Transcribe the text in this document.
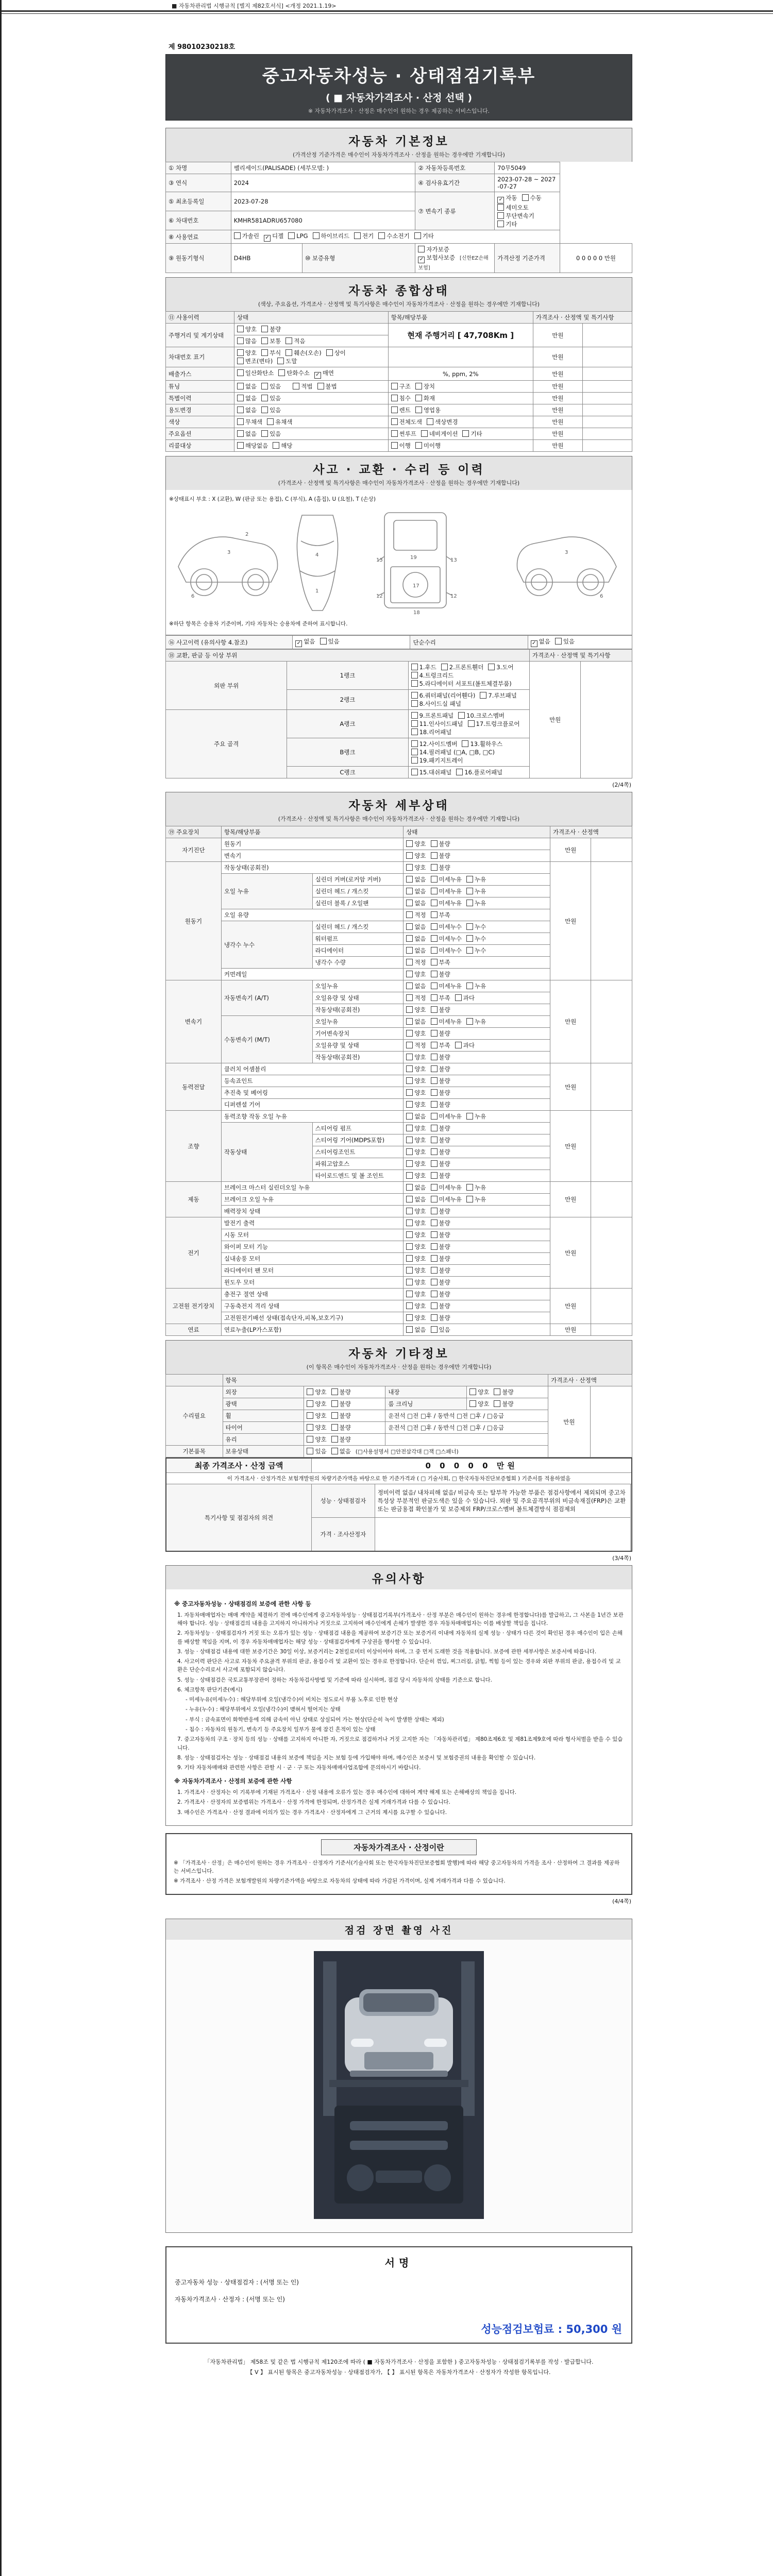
■ 자동차관리법 시행규칙 [별지 제82호서식] <개정 2021.1.19>
제 98010230218호
중고자동차성능 · 상태점검기록부
( ■ 자동차가격조사 · 산정 선택 )
※ 자동차가격조사 · 산정은 매수인이 원하는 경우 제공하는 서비스입니다.
자동차 기본정보
(가격산정 기준가격은 매수인이 자동차가격조사 · 산정을 원하는 경우에만 기재합니다)
① 차명	팰리세이드(PALISADE) (세부모델: )		② 자동차등록번호	70무5049	
③ 연식	2024		④ 검사유효기간	2023-07-28 ~ 2027-07-27	
⑤ 최초등록일	2023-07-28		⑦ 변속기 종류	✓ 자동 수동세미오토무단변속기기타	
⑥ 차대번호	KMHR581ADRU657080				
⑧ 사용연료	가솔린 ✓ 디젤 LPG 하이브리드 전기 수소전기 기타				
⑨ 원동기형식	D4HB	⑩ 보증유형	자가보증✓ 보험사보증 [신한EZ손해보험]	가격산정 기준가격	0 0 0 0 0 만원
자동차 종합상태
(색상, 주요옵션, 가격조사 · 산정액 및 특기사항은 매수인이 자동차가격조사 · 산정을 원하는 경우에만 기재합니다)
⑪ 사용이력	상태	항목/해당부품	가격조사 · 산정액 및 특기사항	
주행거리 및 계기상태	양호 불량	현재 주행거리 [ 47,708Km ]	만원	
	많음 보통 적음			
차대번호 표기	양호 부식 훼손(오손) 상이변조(변타) 도말		만원	
배출가스	일산화탄소 탄화수소 ✓ 매연	%, ppm, 2%	만원	
튜닝	없음 있음 적법 불법	구조 장치	만원	
특별이력	없음 있음	침수 화재	만원	
용도변경	없음 있음	렌트 영업용	만원	
색상	무채색 유채색	전체도색 색상변경	만원	
주요옵션	없음 있음	썬루프 네비게이션 기타	만원	
리콜대상	해당없음 해당	이행 미이행	만원	
사고 · 교환 · 수리 등 이력
(가격조사 · 산정액 및 특기사항은 매수인이 자동차가격조사 · 산정을 원하는 경우에만 기재합니다)
※상태표시 부호 : X (교환), W (판금 또는 용접), C (부식), A (흠집), U (요철), T (손상)
3
6
2
4
1
17
13	13
19
12	12
18
3
6
※하단 항목은 승용차 기준이며, 기타 자동차는 승용차에 준하여 표시합니다.
⑯ 사고이력 (유의사항 4.참조)	✓ 없음 있음	단순수리	✓ 없음 있음
⑱ 교환, 판금 등 이상 부위			가격조사 · 산정액 및 특기사항	
외판 부위	1랭크	1.후드 2.프론트휀더 3.도어4.트렁크리드5.라디에이터 서포트(볼트체결부품)	만원	
	2랭크	6.쿼터패널(리어휀다) 7.루브패널8.사이드실 패널		
주요 골격	A랭크	9.프론트패널 10.크로스멤버11.인사이드패널 17.트렁크플로어18.리어패널		
	B랭크	12.사이드멤버 13.휠하우스14.필러패널 (□A, □B, □C)19.패키지트레이		
	C랭크	15.대쉬패널 16.플로어패널		
(2/4쪽)
자동차 세부상태
(가격조사 · 산정액 및 특기사항은 매수인이 자동차가격조사 · 산정을 원하는 경우에만 기재합니다)
⑲ 주요장치	항목/해당부품		상태	가격조사 · 산정액	
자기진단	원동기		양호 불량	만원	
	변속기		양호 불량		
원동기	작동상태(공회전)		양호 불량	만원	
	오일 누유	실린더 커버(로커암 커버)	없음 미세누유 누유		
		실린더 헤드 / 개스킷	없음 미세누유 누유		
		실린더 블록 / 오일팬	없음 미세누유 누유		
	오일 유량		적정 부족		
	냉각수 누수	실린더 헤드 / 개스킷	없음 미세누수 누수		
		워터펌프	없음 미세누수 누수		
		라디에이터	없음 미세누수 누수		
		냉각수 수량	적정 부족		
	커먼레일		양호 불량		
변속기	자동변속기 (A/T)	오일누유	없음 미세누유 누유	만원	
		오일유량 및 상태	적정 부족 과다		
		작동상태(공회전)	양호 불량		
	수동변속기 (M/T)	오일누유	없음 미세누유 누유		
		기어변속장치	양호 불량		
		오일유량 및 상태	적정 부족 과다		
		작동상태(공회전)	양호 불량		
동력전달	클러치 어셈블리		양호 불량	만원	
	등속죠인트		양호 불량		
	추진축 및 베어링		양호 불량		
	디퍼렌셜 기어		양호 불량		
조향	동력조향 작동 오일 누유		없음 미세누유 누유	만원	
	작동상태	스티어링 펌프	양호 불량		
		스티어링 기어(MDPS포함)	양호 불량		
		스티어링조인트	양호 불량		
		파워고압호스	양호 불량		
		타이로드엔드 및 볼 조인트	양호 불량		
제동	브레이크 마스터 실린더오일 누유		없음 미세누유 누유	만원	
	브레이크 오일 누유		없음 미세누유 누유		
	배력장치 상태		양호 불량		
전기	발전기 출력		양호 불량	만원	
	시동 모터		양호 불량		
	와이퍼 모터 기능		양호 불량		
	실내송풍 모터		양호 불량		
	라디에이터 팬 모터		양호 불량		
	윈도우 모터		양호 불량		
고전원 전기장치	충전구 절연 상태		양호 불량	만원	
	구동축전지 격리 상태		양호 불량		
	고전원전기배선 상태(접속단자,피복,보호기구)		양호 불량		
연료	연료누출(LP가스포함)		없음 있음	만원	
자동차 기타정보
(이 항목은 매수인이 자동차가격조사 · 산정을 원하는 경우에만 기재합니다)
	항목				가격조사 · 산정액	
수리필요	외장	양호 불량	내장	양호 불량	만원	
	광택	양호 불량	룸 크리닝	양호 불량		
	휠	양호 불량	운전석 □전 □후 / 동반석 □전 □후 / □응급			
	타이어	양호 불량	운전석 □전 □후 / 동반석 □전 □후 / □응급			
	유리	양호 불량				
기본품목	보유상태	있음 없음 (□사용설명서 □안전삼각대 □잭 □스패너)				
최종 가격조사 · 산정 금액	0 0 0 0 0 만원
이 가격조사 · 산정가격은 보험개발원의 차량기준가액을 바탕으로 한 기준가격과 ( □ 기술사회, □ 한국자동차진단보증협회 ) 기준서를 적용하였음
특기사항 및 점검자의 의견	
성능 · 상태점검자	정비이력 없음/ 내차피해 없음/ 비금속 또는 탈부착 가능한 부품은 점검사항에서 제외되며 중고차 특성상 부분적인 판금도색은 있을 수 있습니다. 외판 및 주요골격부위의 비금속재질(FRP)은 교환또는 판금용접 확인불가 및 보증제외 FRP/크로스멤버 볼트체결방식 점검제외
가격 · 조사산정자	

(3/4쪽)
유의사항
※ 중고자동차성능 · 상태점검의 보증에 관한 사항 등
1. 자동차매매업자는 매매 계약을 체결하기 전에 매수인에게 중고자동차성능 · 상태점검기록부(가격조사 · 산정 부분은 매수인이 원하는 경우에 한정합니다)를 발급하고, 그 사본을 1년간 보관해야 합니다. 성능 · 상태점검의 내용을 고지하지 아니하거나 거짓으로 고지하여 매수인에게 손해가 발생한 경우 자동차매매업자는 이를 배상할 책임을 집니다.
2. 자동차성능 · 상태점검자가 거짓 또는 오류가 있는 성능 · 상태점검 내용을 제공하여 보증기간 또는 보증거리 이내에 자동차의 실제 성능 · 상태가 다른 것이 확인된 경우 매수인이 입은 손해를 배상할 책임을 지며, 이 경우 자동차매매업자는 해당 성능 · 상태점검자에게 구상권을 행사할 수 있습니다.
3. 성능 · 상태점검 내용에 대한 보증기간은 30일 이상, 보증거리는 2천킬로미터 이상이어야 하며, 그 중 먼저 도래한 것을 적용합니다. 보증에 관한 세부사항은 보증서에 따릅니다.
4. 사고이력 판단은 사고로 자동차 주요골격 부위의 판금, 용접수리 및 교환이 있는 경우로 한정합니다. 단순히 꺾임, 찌그러짐, 긁힘, 찍힘 등이 있는 경우와 외판 부위의 판금, 용접수리 및 교환은 단순수리로서 사고에 포함되지 않습니다.
5. 성능 · 상태점검은 국토교통부장관이 정하는 자동차검사방법 및 기준에 따라 실시하며, 점검 당시 자동차의 상태를 기준으로 합니다.
6. 체크항목 판단기준(예시)
- 미세누유(미세누수) : 해당부위에 오일(냉각수)이 비치는 정도로서 부품 노후로 인한 현상
- 누유(누수) : 해당부위에서 오일(냉각수)이 맺혀서 떨어지는 상태
- 부식 : 금속표면이 화학반응에 의해 금속이 아닌 상태로 상실되어 가는 현상(단순히 녹이 발생한 상태는 제외)
- 침수 : 자동차의 원동기, 변속기 등 주요장치 일부가 물에 잠긴 흔적이 있는 상태
7. 중고자동차의 구조 · 장치 등의 성능 · 상태를 고지하지 아니한 자, 거짓으로 점검하거나 거짓 고지한 자는 「자동차관리법」 제80조제6호 및 제81조제9호에 따라 형사처벌을 받을 수 있습니다.
8. 성능 · 상태점검자는 성능 · 상태점검 내용의 보증에 책임을 지는 보험 등에 가입해야 하며, 매수인은 보증서 및 보험증권의 내용을 확인할 수 있습니다.
9. 기타 자동차매매와 관련한 사항은 관할 시 · 군 · 구 또는 자동차매매사업조합에 문의하시기 바랍니다.
※ 자동차가격조사 · 산정의 보증에 관한 사항
1. 가격조사 · 산정자는 이 기록부에 기재된 가격조사 · 산정 내용에 오류가 있는 경우 매수인에 대하여 계약 해제 또는 손해배상의 책임을 집니다.
2. 가격조사 · 산정자의 보증범위는 가격조사 · 산정 가격에 한정되며, 산정가격은 실제 거래가격과 다를 수 있습니다.
3. 매수인은 가격조사 · 산정 결과에 이의가 있는 경우 가격조사 · 산정자에게 그 근거의 제시를 요구할 수 있습니다.
자동차가격조사 · 산정이란

※ 「가격조사 · 산정」은 매수인이 원하는 경우 가격조사 · 산정자가 기준서(기술사회 또는 한국자동차진단보증협회 발행)에 따라 해당 중고자동차의 가격을 조사 · 산정하여 그 결과를 제공하는 서비스입니다.

※ 가격조사 · 산정 가격은 보험개발원의 차량기준가액을 바탕으로 자동차의 상태에 따라 가감된 가격이며, 실제 거래가격과 다를 수 있습니다.

(4/4쪽)
점검 장면 촬영 사진
서명
중고자동차 성능 · 상태점검자 : (서명 또는 인)
자동차가격조사 · 산정자 : (서명 또는 인)
성능점검보험료 : 50,300 원
「자동차관리법」 제58조 및 같은 법 시행규칙 제120조에 따라 ( ■ 자동차가격조사 · 산정을 포함한 ) 중고자동차성능 · 상태점검기록부를 작성 · 발급합니다.
【 V 】 표시된 항목은 중고자동차성능 · 상태점검자가, 【 】 표시된 항목은 자동차가격조사 · 산정자가 작성한 항목입니다.
